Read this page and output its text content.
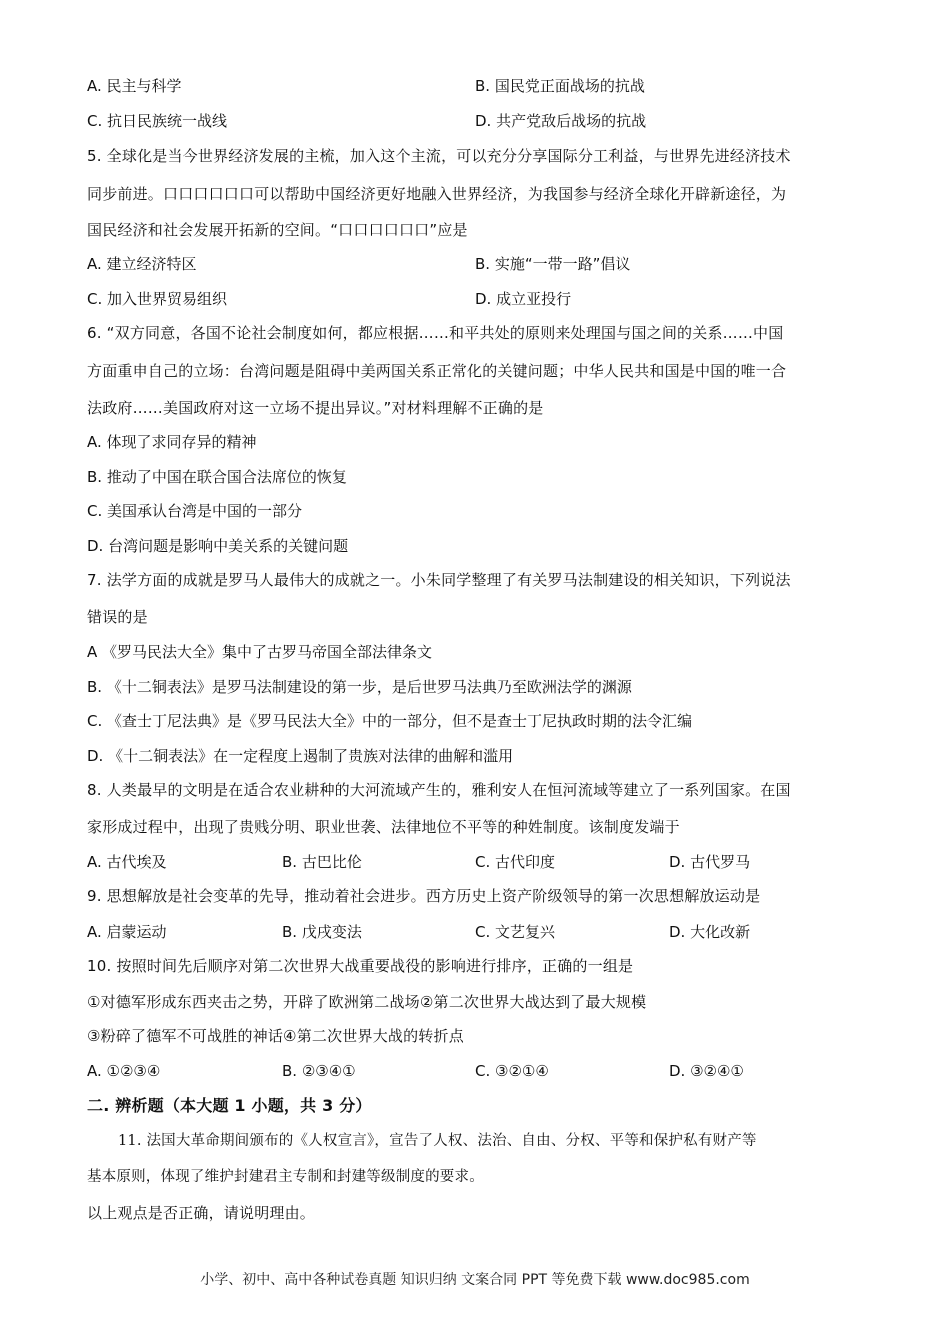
A. 民主与科学	B. 国民党正面战场的抗战
C. 抗日民族统一战线	D. 共产党敌后战场的抗战
5. 全球化是当今世界经济发展的主梳，加入这个主流，可以充分分享国际分工利益，与世界先进经济技术
同步前进。口口口口口口可以帮助中国经济更好地融入世界经济，为我国参与经济全球化开辟新途径，为
国民经济和社会发展开拓新的空间。“口口口口口口”应是
A. 建立经济特区	B. 实施“一带一路”倡议
C. 加入世界贸易组织	D. 成立亚投行
6. “双方同意，各国不论社会制度如何，都应根据……和平共处的原则来处理国与国之间的关系……中国
方面重申自己的立场：台湾问题是阻碍中美两国关系正常化的关键问题；中华人民共和国是中国的唯一合
法政府……美国政府对这一立场不提出异议。”对材料理解不正确的是
A. 体现了求同存异的精神
B. 推动了中国在联合国合法席位的恢复
C. 美国承认台湾是中国的一部分
D. 台湾问题是影响中美关系的关键问题
7. 法学方面的成就是罗马人最伟大的成就之一。小朱同学整理了有关罗马法制建设的相关知识，下列说法
错误的是
A 《罗马民法大全》集中了古罗马帝国全部法律条文
B. 《十二铜表法》是罗马法制建设的第一步，是后世罗马法典乃至欧洲法学的渊源
C. 《查士丁尼法典》是《罗马民法大全》中的一部分，但不是查士丁尼执政时期的法令汇编
D. 《十二铜表法》在一定程度上遏制了贵族对法律的曲解和滥用
8. 人类最早的文明是在适合农业耕种的大河流域产生的，雅利安人在恒河流域等建立了一系列国家。在国
家形成过程中，出现了贵贱分明、职业世袭、法律地位不平等的种姓制度。该制度发端于
A. 古代埃及	B. 古巴比伦	C. 古代印度	D. 古代罗马
9. 思想解放是社会变革的先导，推动着社会进步。西方历史上资产阶级领导的第一次思想解放运动是
A. 启蒙运动	B. 戊戌变法	C. 文艺复兴	D. 大化改新
10. 按照时间先后顺序对第二次世界大战重要战役的影响进行排序，正确的一组是
①对德军形成东西夹击之势，开辟了欧洲第二战场②第二次世界大战达到了最大规模
③粉碎了德军不可战胜的神话④第二次世界大战的转折点
A. ①②③④	B. ②③④①	C. ③②①④	D. ③②④①
二. 辨析题（本大题 1 小题，共 3 分）
11. 法国大革命期间颁布的《人权宣言》，宣告了人权、法治、自由、分权、平等和保护私有财产等
基本原则，体现了维护封建君主专制和封建等级制度的要求。
以上观点是否正确，请说明理由。
小学、初中、高中各种试卷真题 知识归纳 文案合同 PPT 等免费下载 www.doc985.com
